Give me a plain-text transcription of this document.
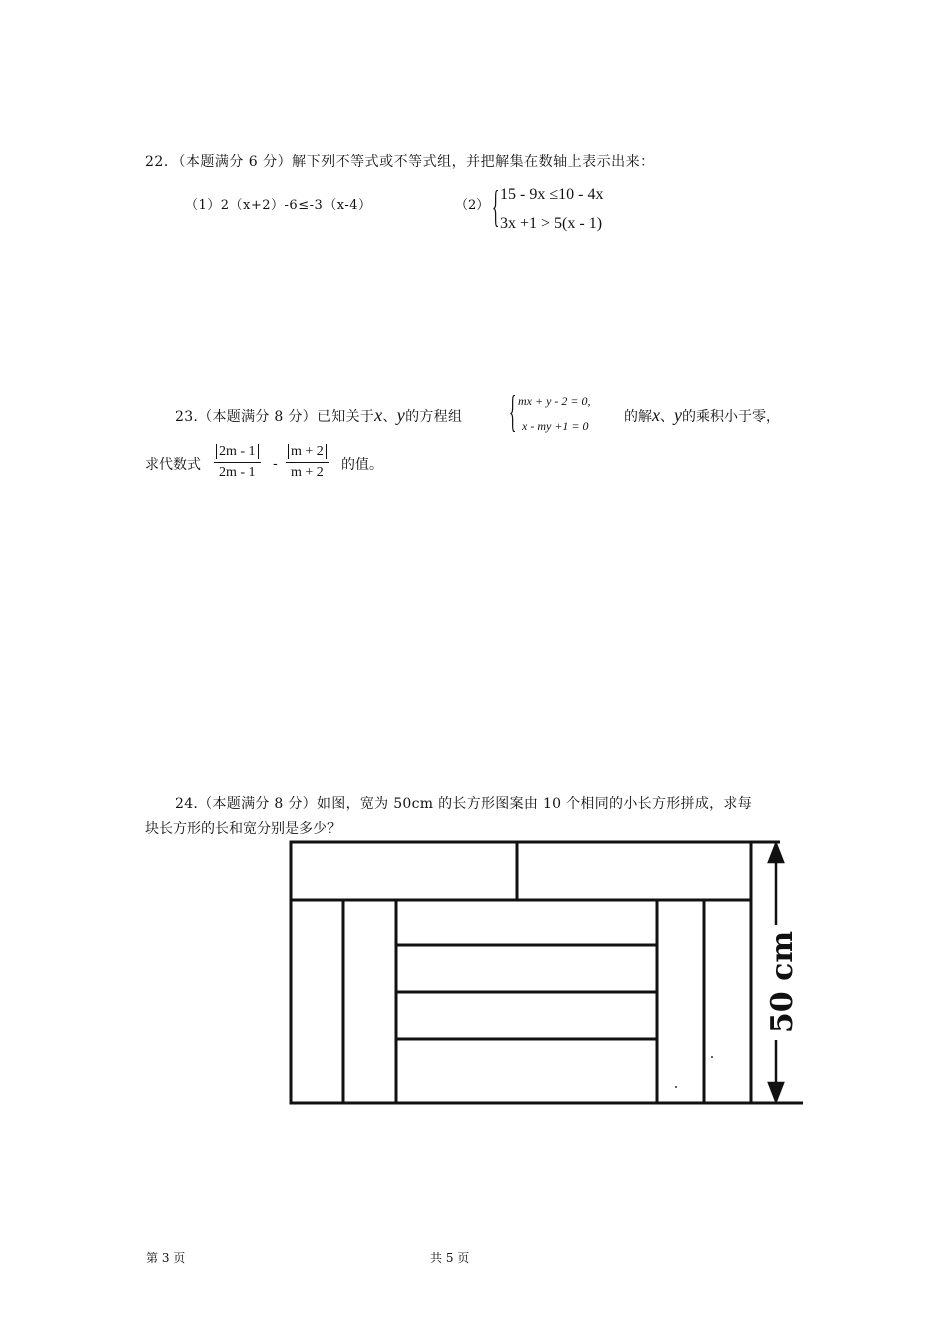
22．（本题满分 6 分）解下列不等式或不等式组，并把解集在数轴上表示出来：
（1）2（x+2）-6≤-3（x-4）	（2） { 15 - 9x ≤10 - 4x
3x +1 > 5(x - 1)
23.（本题满分 8 分）已知关于x、y的方程组 { mx + y - 2 = 0,
x - my +1 = 0
的解x、y的乘积小于零，
求代数式
2m - 1
2m - 1
-
m + 2
m + 2	的值。
24.（本题满分 8 分）如图，宽为 50cm 的长方形图案由 10 个相同的小长方形拼成，求每
块长方形的长和宽分别是多少？
50 cm
第 3 页	共 5 页
